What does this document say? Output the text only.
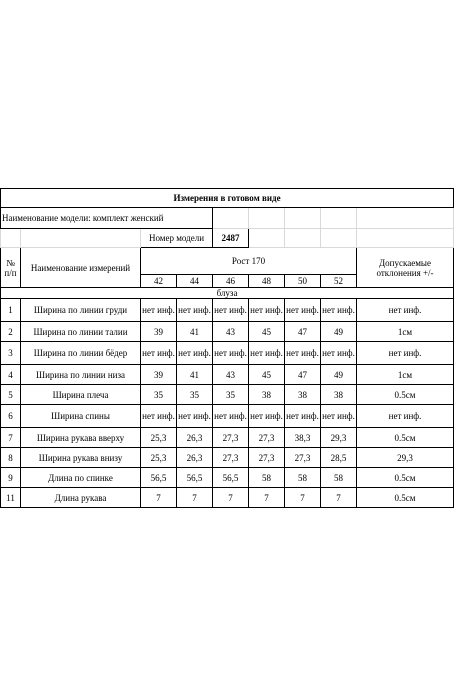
Измерения в готовом виде								
Наименование модели: комплект женский								
		Номер модели		2487				
№ п/п	Наименование измерений	Рост 170						Допускаемые отклонения +/-
		42	44	46	48	50	52	
блуза								
1	Ширина по линии груди	нет инф.	нет инф.	нет инф.	нет инф.	нет инф.	нет инф.	нет инф.
2	Ширина по линии талии	39	41	43	45	47	49	1см
3	Ширина по линии бёдер	нет инф.	нет инф.	нет инф.	нет инф.	нет инф.	нет инф.	нет инф.
4	Ширина по линии низа	39	41	43	45	47	49	1см
5	Ширина плеча	35	35	35	38	38	38	0.5см
6	Ширина спины	нет инф.	нет инф.	нет инф.	нет инф.	нет инф.	нет инф.	нет инф.
7	Ширина рукава вверху	25,3	26,3	27,3	27,3	38,3	29,3	0.5см
8	Ширина рукава внизу	25,3	26,3	27,3	27,3	27,3	28,5	29,3
9	Длина по спинке	56,5	56,5	56,5	58	58	58	0.5см
11	Длина рукава	7	7	7	7	7	7	0.5см
